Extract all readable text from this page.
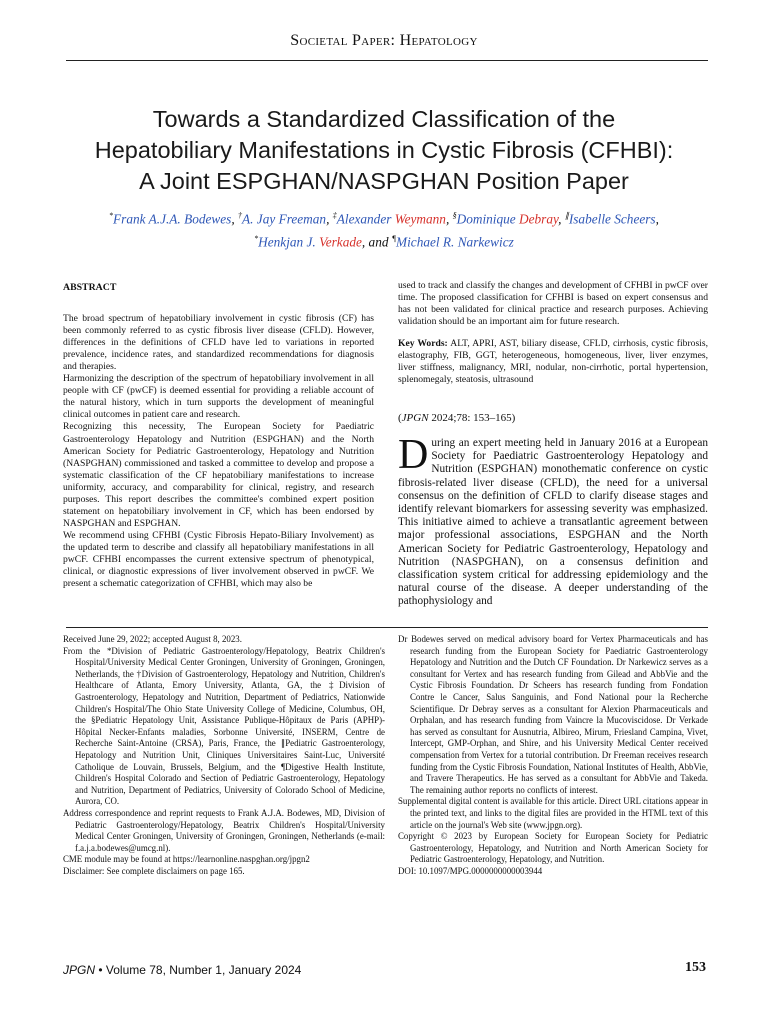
Societal Paper: Hepatology
Towards a Standardized Classification of the
Hepatobiliary Manifestations in Cystic Fibrosis (CFHBI):
A Joint ESPGHAN/NASPGHAN Position Paper
*Frank A.J.A. Bodewes, †A. Jay Freeman, ‡Alexander Weymann, §Dominique Debray, ∥Isabelle Scheers,
*Henkjan J. Verkade, and ¶Michael R. Narkewicz
ABSTRACT

The broad spectrum of hepatobiliary involvement in cystic fibrosis (CF) has been commonly referred to as cystic fibrosis liver disease (CFLD). However, differences in the definitions of CFLD have led to variations in reported prevalence, incidence rates, and standardized recommendations for diagnosis and therapies.

Harmonizing the description of the spectrum of hepatobiliary involvement in all people with CF (pwCF) is deemed essential for providing a reliable account of the natural history, which in turn supports the development of meaningful clinical outcomes in patient care and research.

Recognizing this necessity, The European Society for Paediatric Gastroenterology Hepatology and Nutrition (ESPGHAN) and the North American Society for Pediatric Gastroenterology, Hepatology and Nutrition (NASPGHAN) commissioned and tasked a committee to develop and propose a systematic classification of the CF hepatobiliary manifestations to increase uniformity, accuracy, and comparability for clinical, registry, and research purposes. This report describes the committee's combined expert position statement on hepatobiliary involvement in CF, which has been endorsed by NASPGHAN and ESPGHAN.

We recommend using CFHBI (Cystic Fibrosis Hepato-Biliary Involvement) as the updated term to describe and classify all hepatobiliary manifestations in all pwCF. CFHBI encompasses the current extensive spectrum of phenotypical, clinical, or diagnostic expressions of liver involvement observed in pwCF. We present a schematic categorization of CFHBI, which may also be

used to track and classify the changes and development of CFHBI in pwCF over time. The proposed classification for CFHBI is based on expert consensus and has not been validated for clinical practice and research purposes. Achieving validation should be an important aim for future research.

Key Words: ALT, APRI, AST, biliary disease, CFLD, cirrhosis, cystic fibrosis, elastography, FIB, GGT, heterogeneous, homogeneous, liver, liver enzymes, liver stiffness, malignancy, MRI, nodular, non-cirrhotic, portal hypertension, splenomegaly, steatosis, ultrasound

(JPGN 2024;78: 153–165)
During an expert meeting held in January 2016 at a European Society for Paediatric Gastroenterology Hepatology and Nutrition (ESPGHAN) monothematic conference on cystic fibrosis-related liver disease (CFLD), the need for a universal consensus on the definition of CFLD to clarify disease stages and identify relevant biomarkers for assessing severity was emphasized. This initiative aimed to achieve a transatlantic agreement between major professional associations, ESPGHAN and the North American Society for Pediatric Gastroenterology, Hepatology and Nutrition (NASPGHAN), on a consensus definition and classification system critical for addressing epidemiology and the natural course of the disease. A deeper understanding of the pathophysiology and

Received June 29, 2022; accepted August 8, 2023.

From the *Division of Pediatric Gastroenterology/Hepatology, Beatrix Children's Hospital/University Medical Center Groningen, University of Groningen, Groningen, Netherlands, the †Division of Gastroenterology, Hepatology and Nutrition, Children's Healthcare of Atlanta, Emory University, Atlanta, GA, the ‡Division of Gastroenterology, Hepatology and Nutrition, Department of Pediatrics, Nationwide Children's Hospital/The Ohio State University College of Medicine, Columbus, OH, the §Pediatric Hepatology Unit, Assistance Publique-Hôpitaux de Paris (APHP)-Hôpital Necker-Enfants maladies, Sorbonne Université, INSERM, Centre de Recherche Saint-Antoine (CRSA), Paris, France, the ∥Pediatric Gastroenterology, Hepatology and Nutrition Unit, Cliniques Universitaires Saint-Luc, Université Catholique de Louvain, Brussels, Belgium, and the ¶Digestive Health Institute, Children's Hospital Colorado and Section of Pediatric Gastroenterology, Hepatology and Nutrition, Department of Pediatrics, University of Colorado School of Medicine, Aurora, CO.

Address correspondence and reprint requests to Frank A.J.A. Bodewes, MD, Division of Pediatric Gastroenterology/Hepatology, Beatrix Children's Hospital/University Medical Center Groningen, University of Groningen, Groningen, Netherlands (e-mail: f.a.j.a.bodewes@umcg.nl).

CME module may be found at https://learnonline.naspghan.org/jpgn2

Disclaimer: See complete disclaimers on page 165.

Dr Bodewes served on medical advisory board for Vertex Pharmaceuticals and has research funding from the European Society for Paediatric Gastroenterology Hepatology and Nutrition and the Dutch CF Foundation. Dr Narkewicz serves as a consultant for Vertex and has research funding from Gilead and AbbVie and the Cystic Fibrosis Foundation. Dr Scheers has research funding from Fondation Contre le Cancer, Salus Sanguinis, and Fond National pour la Recherche Scientifique. Dr Debray serves as a consultant for Alexion Pharmaceuticals and Orphalan, and has research funding from Vaincre la Mucoviscidose. Dr Verkade has served as consultant for Ausnutria, Albireo, Mirum, Friesland Campina, Vivet, Intercept, GMP-Orphan, and Shire, and his University Medical Center received compensation from Vertex for a tutorial contribution. Dr Freeman receives research funding from the Cystic Fibrosis Foundation, National Institutes of Health, AbbVie, and Travere Therapeutics. He has served as a consultant for AbbVie and Takeda. The remaining author reports no conflicts of interest.

Supplemental digital content is available for this article. Direct URL citations appear in the printed text, and links to the digital files are provided in the HTML text of this article on the journal's Web site (www.jpgn.org).

Copyright © 2023 by European Society for European Society for Pediatric Gastroenterology, Hepatology, and Nutrition and North American Society for Pediatric Gastroenterology, Hepatology, and Nutrition.

DOI: 10.1097/MPG.0000000000003944

JPGN • Volume 78, Number 1, January 2024	153
